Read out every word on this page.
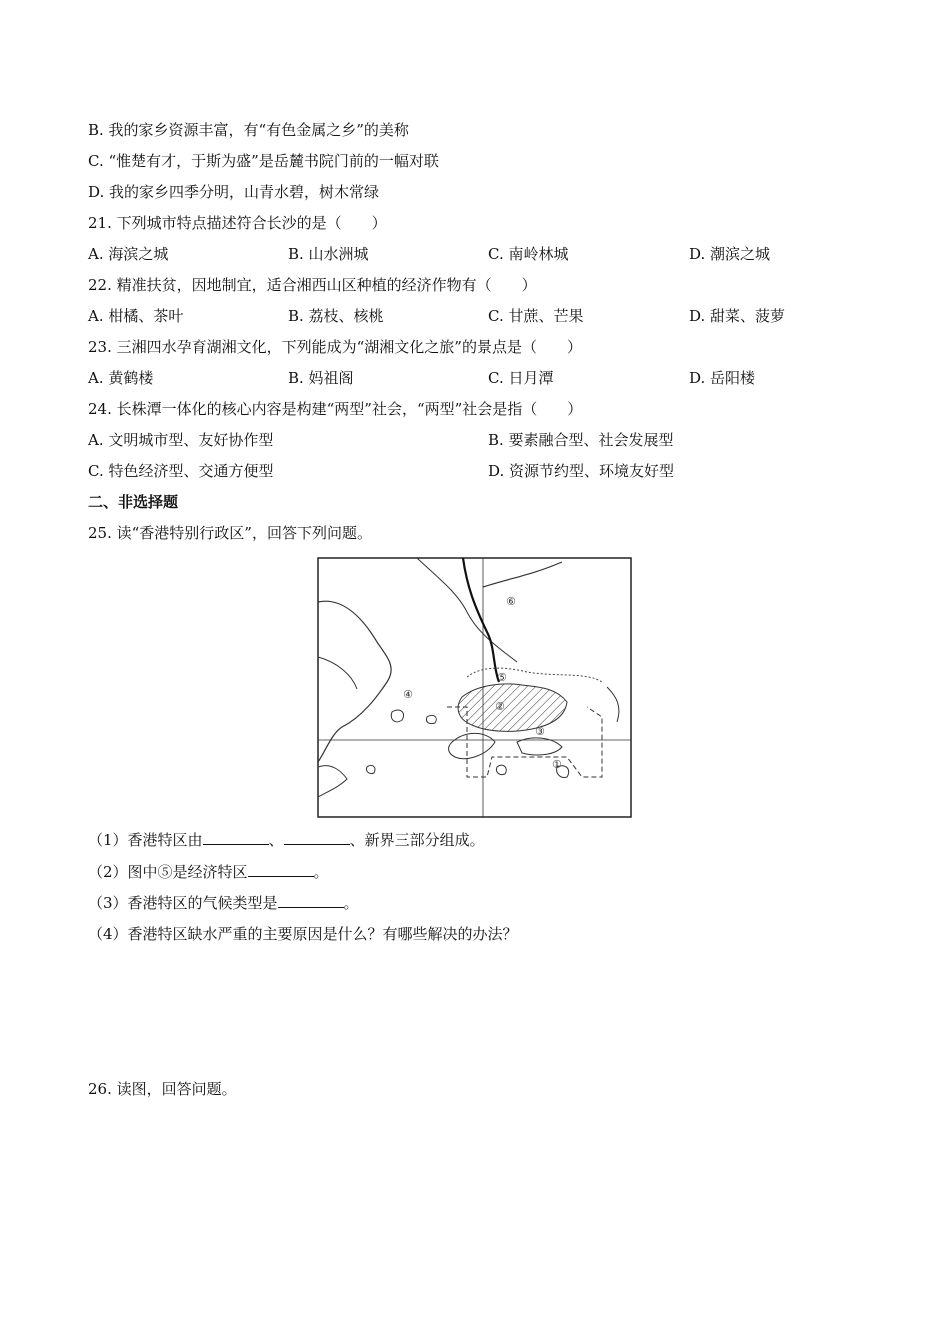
B. 我的家乡资源丰富，有“有色金属之乡”的美称
C. “惟楚有才，于斯为盛”是岳麓书院门前的一幅对联
D. 我的家乡四季分明，山青水碧，树木常绿
21. 下列城市特点描述符合长沙的是（　　）
A. 海滨之城	B. 山水洲城	C. 南岭林城	D. 潮滨之城
22. 精准扶贫，因地制宜，适合湘西山区种植的经济作物有（　　）
A. 柑橘、茶叶	B. 荔枝、核桃	C. 甘蔗、芒果	D. 甜菜、菠萝
23. 三湘四水孕育湖湘文化，下列能成为“湖湘文化之旅”的景点是（　　）
A. 黄鹤楼	B. 妈祖阁	C. 日月潭	D. 岳阳楼
24. 长株潭一体化的核心内容是构建“两型”社会，“两型”社会是指（　　）
A. 文明城市型、友好协作型	B. 要素融合型、社会发展型
C. 特色经济型、交通方便型	D. 资源节约型、环境友好型
二、非选择题
25. 读“香港特别行政区”，回答下列问题。
⑥
⑤
④
③
②
①
（1）香港特区由	、	、新界三部分组成。
（2）图中⑤是经济特区	。
（3）香港特区的气候类型是	。
（4）香港特区缺水严重的主要原因是什么？有哪些解决的办法？
26. 读图，回答问题。
